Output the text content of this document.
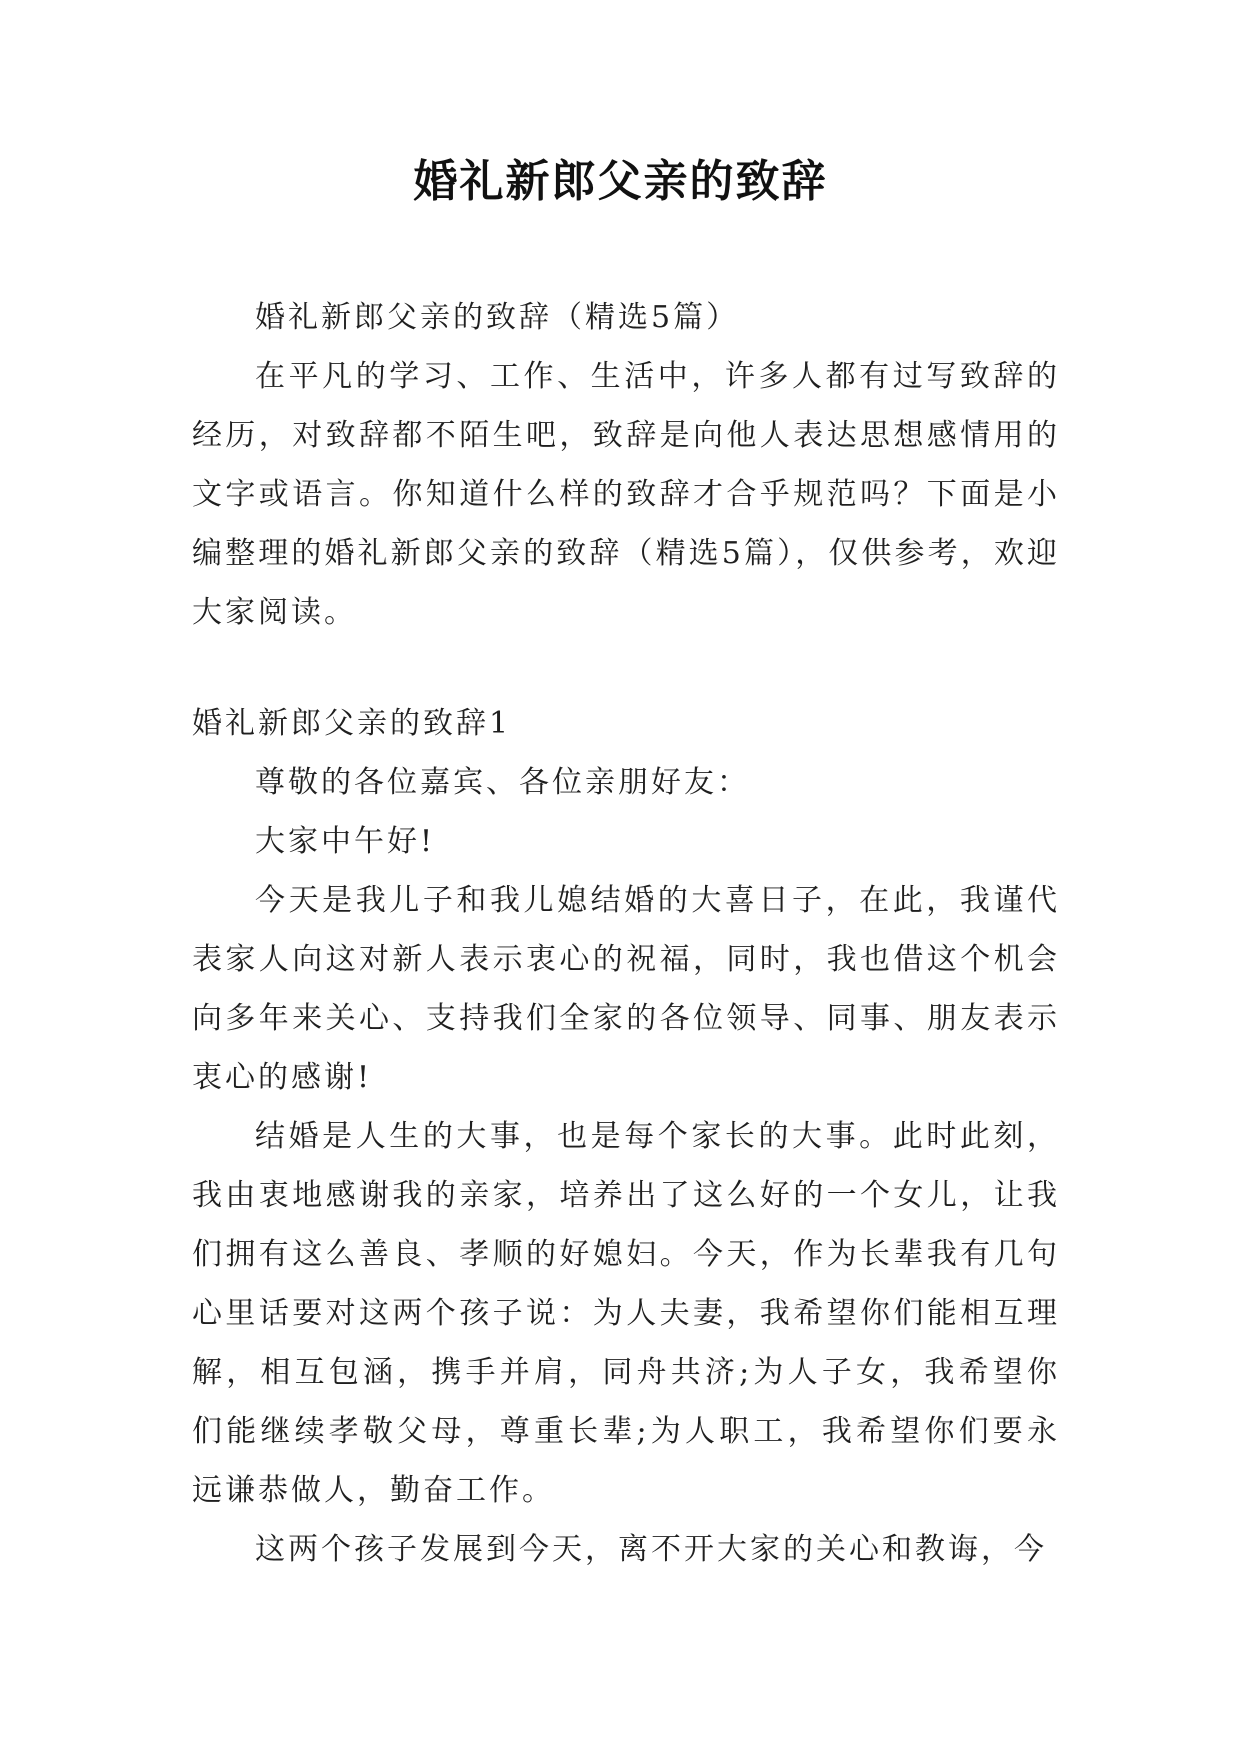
婚礼新郎父亲的致辞

婚礼新郎父亲的致辞（精选5篇）

在平凡的学习、工作、生活中，许多人都有过写致辞的经历，对致辞都不陌生吧，致辞是向他人表达思想感情用的文字或语言。你知道什么样的致辞才合乎规范吗？下面是小编整理的婚礼新郎父亲的致辞（精选5篇），仅供参考，欢迎大家阅读。

婚礼新郎父亲的致辞1

尊敬的各位嘉宾、各位亲朋好友：

大家中午好!

今天是我儿子和我儿媳结婚的大喜日子，在此，我谨代表家人向这对新人表示衷心的祝福，同时，我也借这个机会向多年来关心、支持我们全家的各位领导、同事、朋友表示衷心的感谢!

结婚是人生的大事，也是每个家长的大事。此时此刻，我由衷地感谢我的亲家，培养出了这么好的一个女儿，让我们拥有这么善良、孝顺的好媳妇。今天，作为长辈我有几句心里话要对这两个孩子说：为人夫妻，我希望你们能相互理解，相互包涵，携手并肩，同舟共济;为人子女，我希望你们能继续孝敬父母，尊重长辈;为人职工，我希望你们要永远谦恭做人，勤奋工作。

这两个孩子发展到今天，离不开大家的关心和教诲，今
